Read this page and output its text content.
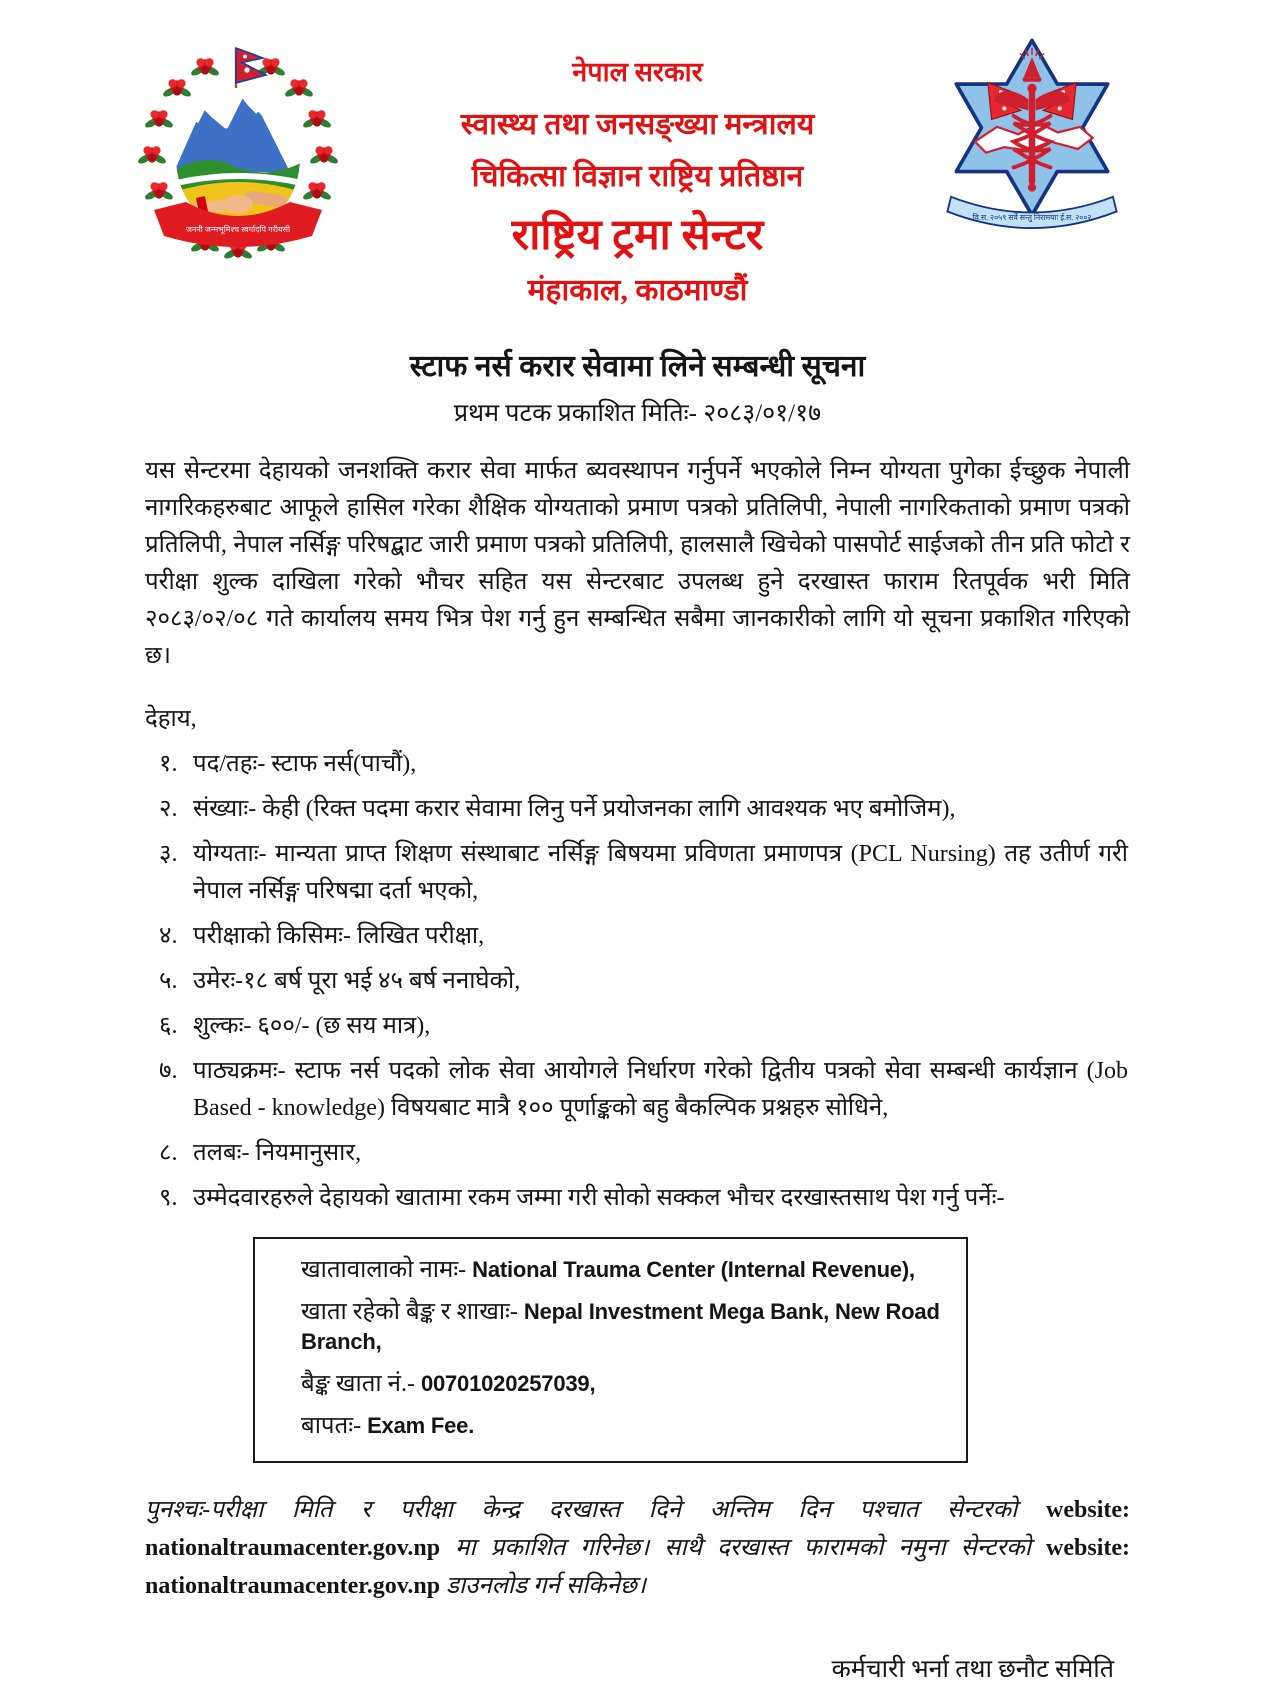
जननी जन्मभूमिश्च स्वर्गादपि गरीयसी
नेपाल सरकार
स्वास्थ्य तथा जनसङ्ख्या मन्त्रालय
चिकित्सा विज्ञान राष्ट्रिय प्रतिष्ठान
राष्ट्रिय ट्रमा सेन्टर
मंहाकाल, काठमाण्डौं
वि.स. २०५९ सर्वे सन्तु निरामयाः ई.स. २००२
स्टाफ नर्स करार सेवामा लिने सम्बन्धी सूचना
प्रथम पटक प्रकाशित मितिः- २०८३/०१/१७

यस सेन्टरमा देहायको जनशक्ति करार सेवा मार्फत ब्यवस्थापन गर्नुपर्ने भएकोले निम्न योग्यता पुगेका ईच्छुक नेपाली नागरिकहरुबाट आफूले हासिल गरेका शैक्षिक योग्यताको प्रमाण पत्रको प्रतिलिपी, नेपाली नागरिकताको प्रमाण पत्रको प्रतिलिपी, नेपाल नर्सिङ्ग परिषद्बाट जारी प्रमाण पत्रको प्रतिलिपी, हालसालै खिचेको पासपोर्ट साईजको तीन प्रति फोटो र परीक्षा शुल्क दाखिला गरेको भौचर सहित यस सेन्टरबाट उपलब्ध हुने दरखास्त फाराम रितपूर्वक भरी मिति २०८३/०२/०८ गते कार्यालय समय भित्र पेश गर्नु हुन सम्बन्धित सबैमा जानकारीको लागि यो सूचना प्रकाशित गरिएको छ।

देहाय,
१. पद/तहः- स्टाफ नर्स(पाचौं),
२. संख्याः- केही (रिक्त पदमा करार सेवामा लिनु पर्ने प्रयोजनका लागि आवश्यक भए बमोजिम),
३. योग्यताः- मान्यता प्राप्त शिक्षण संस्थाबाट नर्सिङ्ग बिषयमा प्रविणता प्रमाणपत्र (PCL Nursing) तह उतीर्ण गरी नेपाल नर्सिङ्ग परिषद्मा दर्ता भएको,
४. परीक्षाको किसिमः- लिखित परीक्षा,
५. उमेरः-१८ बर्ष पूरा भई ४५ बर्ष ननाघेको,
६. शुल्कः- ६००/- (छ सय मात्र),
७. पाठ्यक्रमः- स्टाफ नर्स पदको लोक सेवा आयोगले निर्धारण गरेको द्वितीय पत्रको सेवा सम्बन्धी कार्यज्ञान (Job Based - knowledge) विषयबाट मात्रै १०० पूर्णाङ्कको बहु बैकल्पिक प्रश्नहरु सोधिने,
८. तलबः- नियमानुसार,
९. उम्मेदवारहरुले देहायको खातामा रकम जम्मा गरी सोको सक्कल भौचर दरखास्तसाथ पेश गर्नु पर्नेः-
खातावालाको नामः- National Trauma Center (Internal Revenue),
खाता रहेको बैङ्क र शाखाः- Nepal Investment Mega Bank, New Road Branch,
बैङ्क खाता नं.- 00701020257039,
बापतः- Exam Fee.

पुनश्चः-परीक्षा मिति र परीक्षा केन्द्र दरखास्त दिने अन्तिम दिन पश्चात सेन्टरको website: nationaltraumacenter.gov.np मा प्रकाशित गरिनेछ। साथै दरखास्त फारामको नमुना सेन्टरको website: nationaltraumacenter.gov.np डाउनलोड गर्न सकिनेछ।

कर्मचारी भर्ना तथा छनौट समिति
